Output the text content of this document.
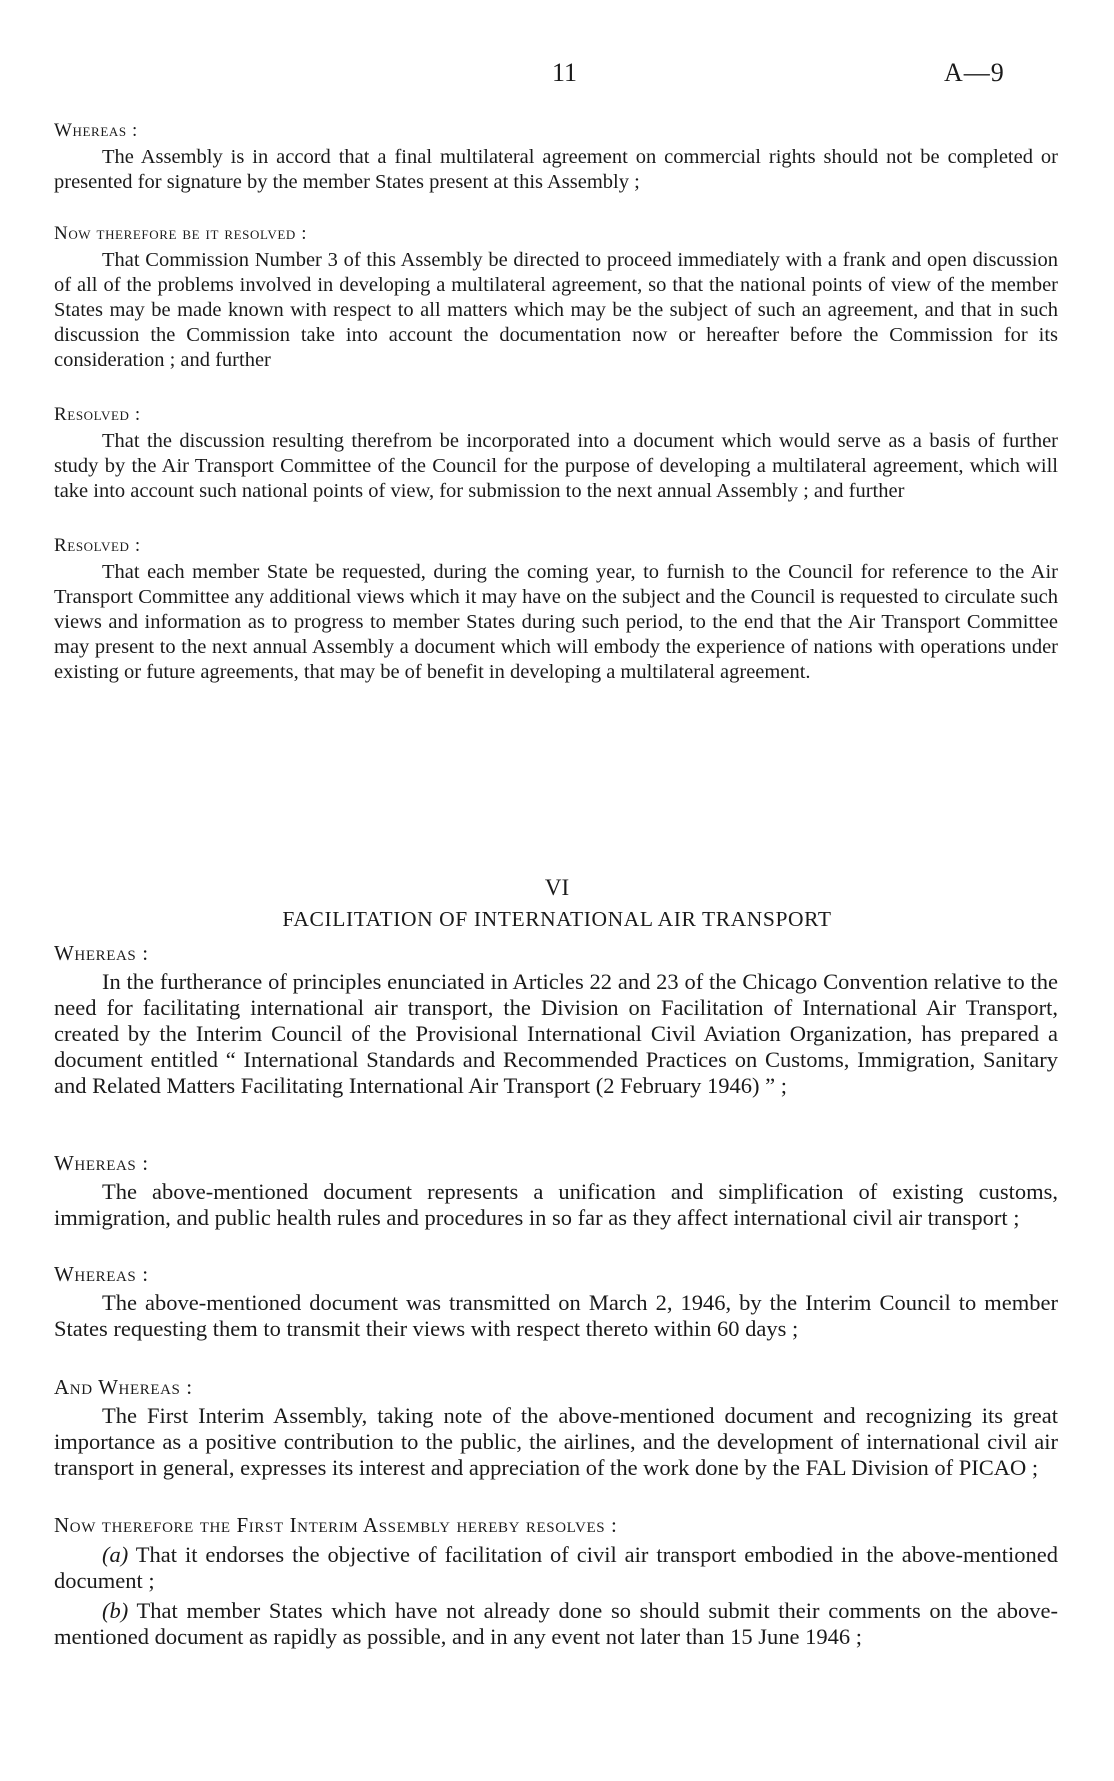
11	A—9
Whereas :

The Assembly is in accord that a final multilateral agreement on commercial rights should not be completed or presented for signature by the member States present at this Assembly ;

Now therefore be it resolved :

That Commission Number 3 of this Assembly be directed to proceed immediately with a frank and open discussion of all of the problems involved in developing a multilateral agreement, so that the national points of view of the member States may be made known with respect to all matters which may be the subject of such an agreement, and that in such discussion the Commission take into account the documentation now or hereafter before the Commission for its consideration ; and further

Resolved :

That the discussion resulting therefrom be incorporated into a document which would serve as a basis of further study by the Air Transport Committee of the Council for the purpose of developing a multilateral agreement, which will take into account such national points of view, for submission to the next annual Assembly ; and further

Resolved :

That each member State be requested, during the coming year, to furnish to the Council for reference to the Air Transport Committee any additional views which it may have on the subject and the Council is requested to circulate such views and information as to progress to member States during such period, to the end that the Air Transport Committee may present to the next annual Assembly a document which will embody the experience of nations with operations under existing or future agreements, that may be of benefit in developing a multilateral agreement.

VI
FACILITATION OF INTERNATIONAL AIR TRANSPORT
Whereas :

In the furtherance of principles enunciated in Articles 22 and 23 of the Chicago Convention relative to the need for facilitating international air transport, the Division on Facilitation of International Air Transport, created by the Interim Council of the Provisional International Civil Aviation Organization, has prepared a document entitled “ International Standards and Recommended Practices on Customs, Immigration, Sanitary and Related Matters Facilitating International Air Transport (2 February 1946) ” ;

Whereas :

The above-mentioned document represents a unification and simplification of existing customs, immigration, and public health rules and procedures in so far as they affect international civil air transport ;

Whereas :

The above-mentioned document was transmitted on March 2, 1946, by the Interim Council to member States requesting them to transmit their views with respect thereto within 60 days ;

And Whereas :

The First Interim Assembly, taking note of the above-mentioned document and recognizing its great importance as a positive contribution to the public, the airlines, and the development of international civil air transport in general, expresses its interest and appreciation of the work done by the FAL Division of PICAO ;

Now therefore the First Interim Assembly hereby resolves :

(a) That it endorses the objective of facilitation of civil air transport embodied in the above-mentioned document ;

(b) That member States which have not already done so should submit their comments on the above-mentioned document as rapidly as possible, and in any event not later than 15 June 1946 ;
